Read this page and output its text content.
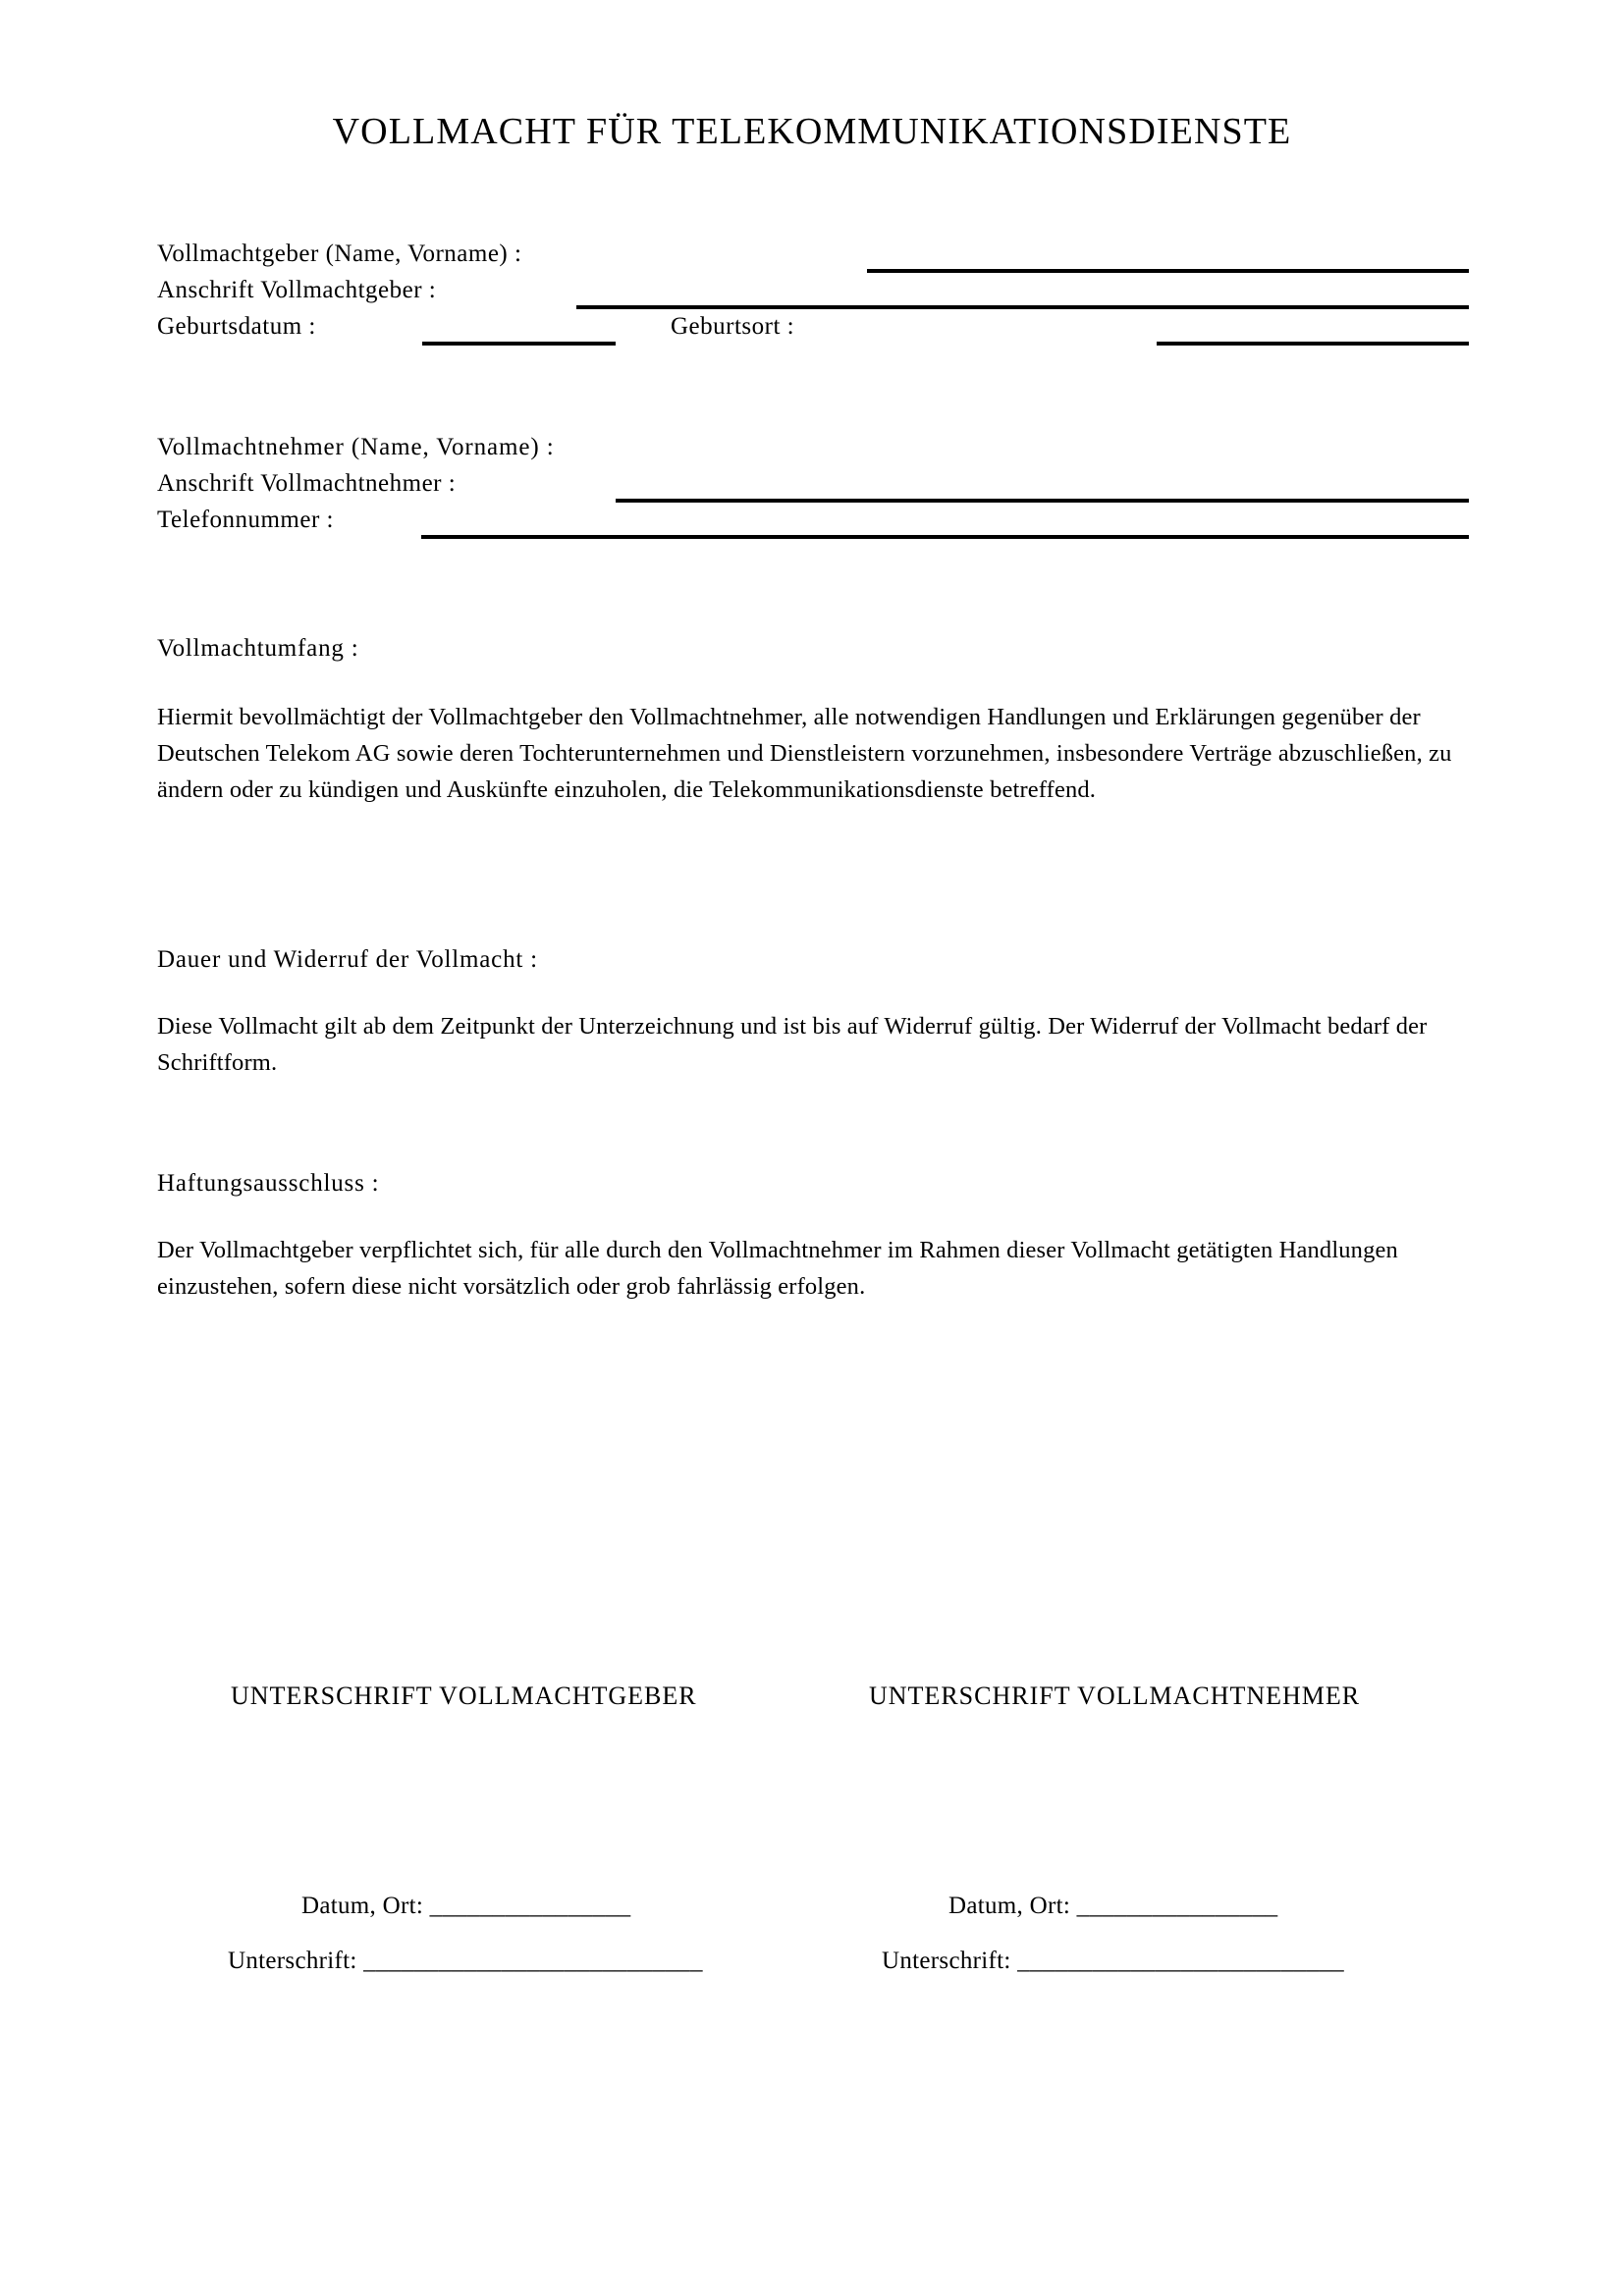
VOLLMACHT FÜR TELEKOMMUNIKATIONSDIENSTE
Vollmachtgeber (Name, Vorname) :
Anschrift Vollmachtgeber :
Geburtsdatum :	Geburtsort :
Vollmachtnehmer (Name, Vorname) :
Anschrift Vollmachtnehmer :
Telefonnummer :
Vollmachtumfang :
Hiermit bevollmächtigt der Vollmachtgeber den Vollmachtnehmer, alle notwendigen Handlungen und Erklärungen gegenüber der Deutschen Telekom AG sowie deren Tochterunternehmen und Dienstleistern vorzunehmen, insbesondere Verträge abzuschließen, zu ändern oder zu kündigen und Auskünfte einzuholen, die Telekommunikationsdienste betreffend.
Dauer und Widerruf der Vollmacht :
Diese Vollmacht gilt ab dem Zeitpunkt der Unterzeichnung und ist bis auf Widerruf gültig. Der Widerruf der Vollmacht bedarf der Schriftform.
Haftungsausschluss :
Der Vollmachtgeber verpflichtet sich, für alle durch den Vollmachtnehmer im Rahmen dieser Vollmacht getätigten Handlungen einzustehen, sofern diese nicht vorsätzlich oder grob fahrlässig erfolgen.
UNTERSCHRIFT VOLLMACHTGEBER	UNTERSCHRIFT VOLLMACHTNEHMER
Datum, Ort: ________________
Unterschrift: ___________________________
Datum, Ort: ________________
Unterschrift: __________________________
